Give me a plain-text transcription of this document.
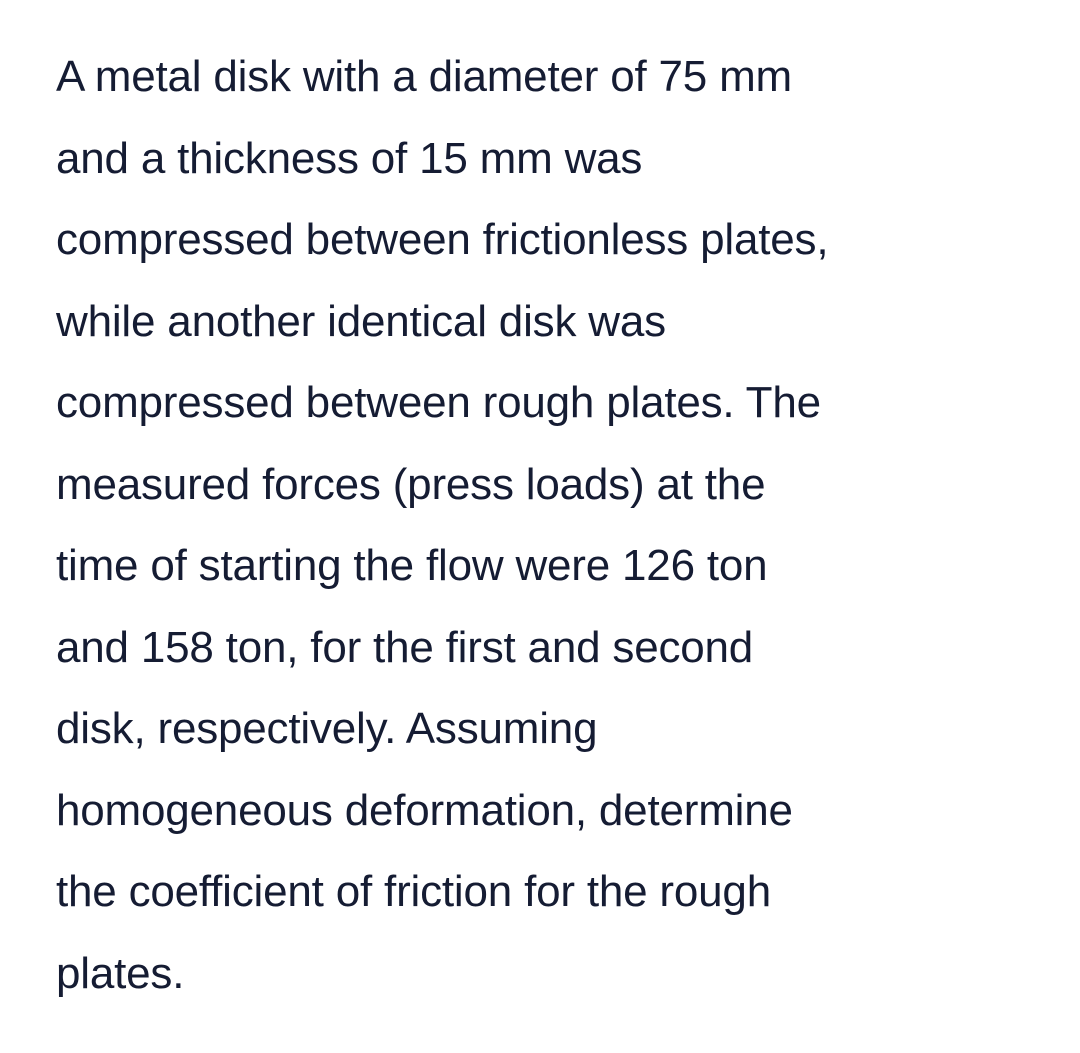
A metal disk with a diameter of 75 mm
and a thickness of 15 mm was
compressed between frictionless plates,
while another identical disk was
compressed between rough plates. The
measured forces (press loads) at the
time of starting the flow were 126 ton
and 158 ton, for the first and second
disk, respectively. Assuming
homogeneous deformation, determine
the coefficient of friction for the rough
plates.
